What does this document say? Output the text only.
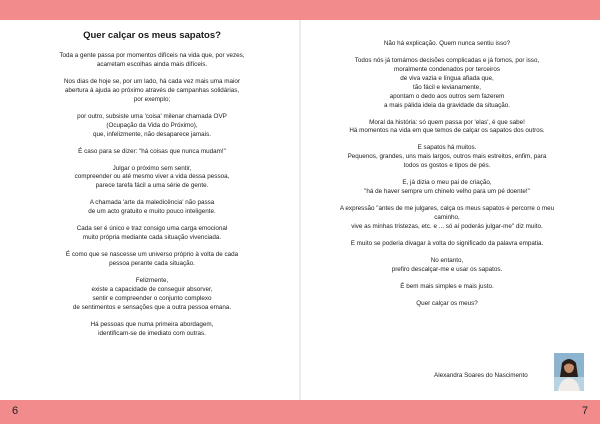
Quer calçar os meus sapatos?
Toda a gente passa por momentos difíceis na vida que, por vezes,
acarretam escolhas ainda mais difíceis.
Nos dias de hoje se, por um lado, há cada vez mais uma maior
abertura à ajuda ao próximo através de campanhas solidárias,
por exemplo;
por outro, subsiste uma 'coisa' milenar chamada OVP
(Ocupação da Vida do Próximo),
que, infelizmente, não desaparece jamais.
É caso para se dizer: "há coisas que nunca mudam!"
Julgar o próximo sem sentir,
compreender ou até mesmo viver a vida dessa pessoa,
parece tarefa fácil a uma série de gente.
A chamada 'arte da maledicência' não passa
de um acto gratuito e muito pouco inteligente.
Cada ser é único e traz consigo uma carga emocional
muito própria mediante cada situação vivenciada.
É como que se nascesse um universo próprio à volta de cada
pessoa perante cada situação.
Felizmente,
existe a capacidade de conseguir absorver,
sentir e compreender o conjunto complexo
de sentimentos e sensações que a outra pessoa emana.
Há pessoas que numa primeira abordagem,
identificam-se de imediato com outras.
Não há explicação. Quem nunca sentiu isso?
Todos nós já tomámos decisões complicadas e já fomos, por isso,
moralmente condenados por terceiros
de viva vazia e língua afiada que,
tão fácil e levianamente,
apontam o dedo aos outros sem fazerem
a mais pálida ideia da gravidade da situação.
Moral da história: só quem passa por 'elas', é que sabe!
Há momentos na vida em que temos de calçar os sapatos dos outros.
E sapatos há muitos.
Pequenos, grandes, uns mais largos, outros mais estreitos, enfim, para
todos os gostos e tipos de pés.
E, já dizia o meu pai de criação,
"há de haver sempre um chinelo velho para um pé doente!"
A expressão "antes de me julgares, calça os meus sapatos e percorre o meu
caminho,
vive as minhas tristezas, etc. e ... só aí poderás julgar-me" diz muito.
E muito se poderia divagar à volta do significado da palavra empatia.
No entanto,
prefiro descalçar-me e usar os sapatos.
É bem mais simples e mais justo.
Quer calçar os meus?
Alexandra Soares do Nascimento
6	7
